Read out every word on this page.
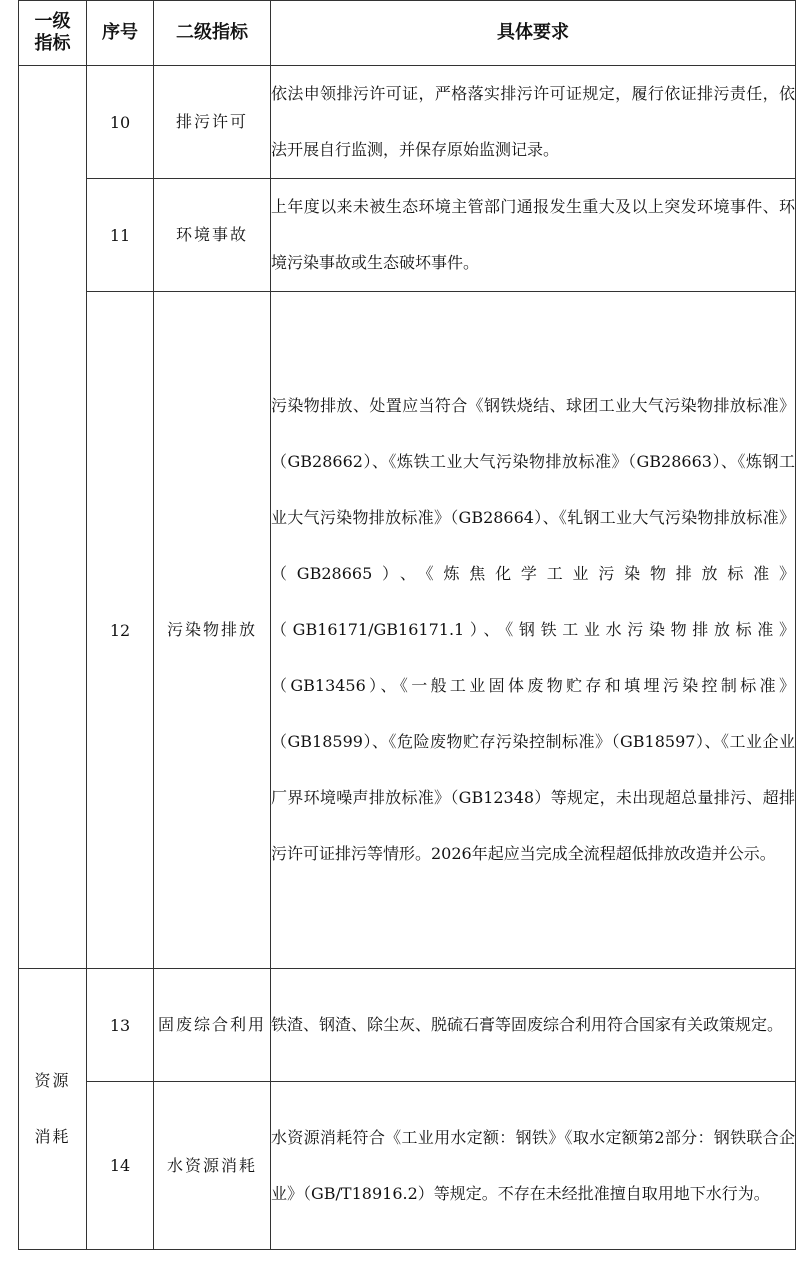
一级
指标	序号	二级指标	具体要求
	10	排污许可	依法申领排污许可证，严格落实排污许可证规定，履行依证排污责任，依法开展自行监测，并保存原始监测记录。
	11	环境事故	上年度以来未被生态环境主管部门通报发生重大及以上突发环境事件、环境污染事故或生态破坏事件。
	12	污染物排放	污染物排放、处置应当符合《钢铁烧结、球团工业大气污染物排放标准》（GB28662）、《炼铁工业大气污染物排放标准》（GB28663）、《炼钢工业大气污染物排放标准》（GB28664）、《轧钢工业大气污染物排放标准》（GB28665）、《炼焦化学工业污染物排放标准》（GB16171/GB16171.1）、《钢铁工业水污染物排放标准》（GB13456）、《一般工业固体废物贮存和填埋污染控制标准》（GB18599）、《危险废物贮存污染控制标准》（GB18597）、《工业企业厂界环境噪声排放标准》（GB12348）等规定，未出现超总量排污、超排污许可证排污等情形。2026年起应当完成全流程超低排放改造并公示。
资源消耗	13	固废综合利用	铁渣、钢渣、除尘灰、脱硫石膏等固废综合利用符合国家有关政策规定。
	14	水资源消耗	水资源消耗符合《工业用水定额：钢铁》《取水定额第2部分：钢铁联合企业》（GB/T18916.2）等规定。不存在未经批准擅自取用地下水行为。
